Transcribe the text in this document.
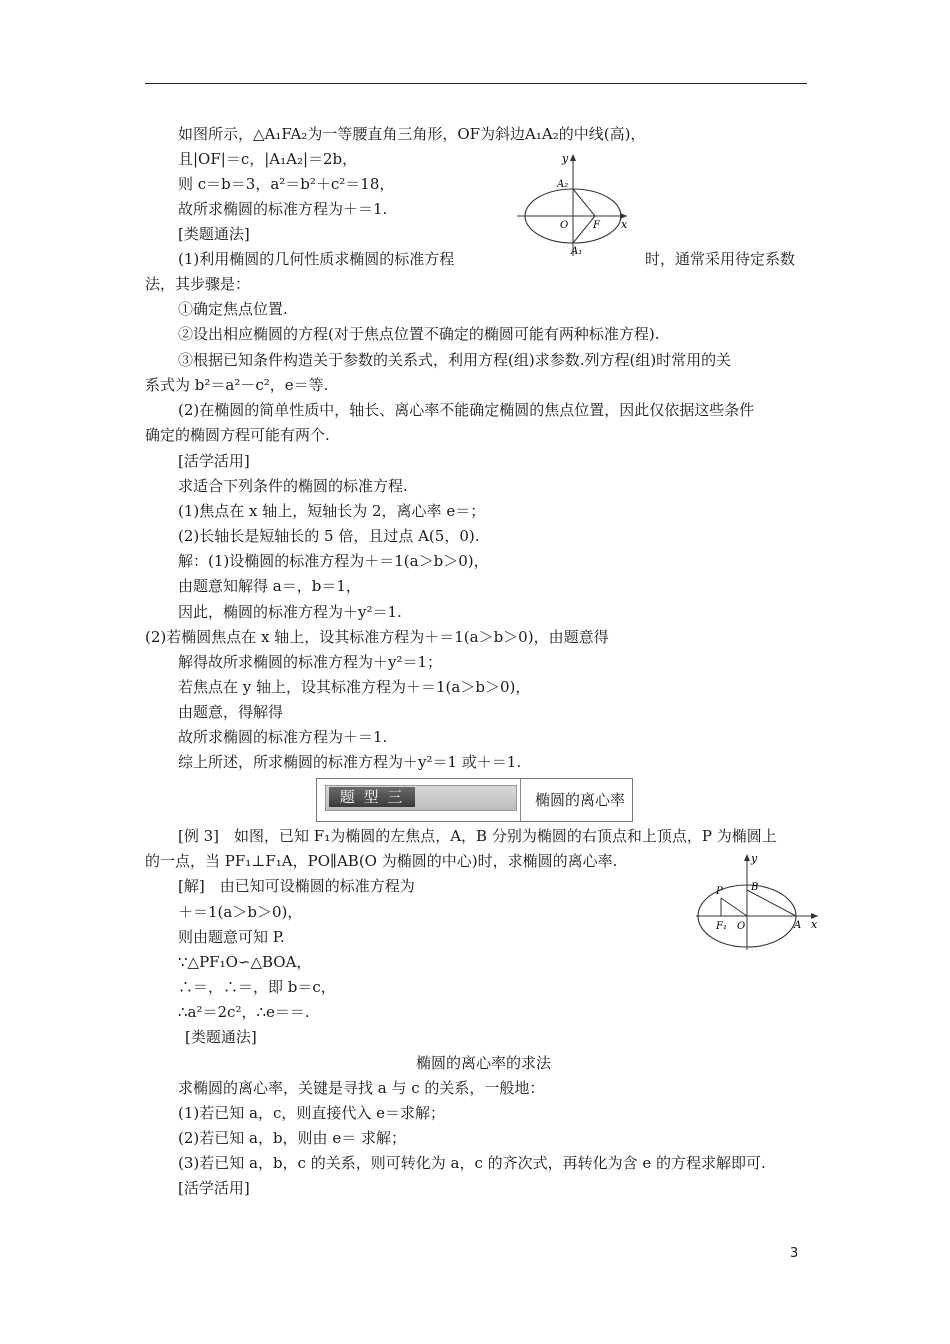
如图所示，△A₁FA₂为一等腰直角三角形，OF为斜边A₁A₂的中线(高)，
且|OF|＝c，|A₁A₂|＝2b，
则 c＝b＝3，a²＝b²＋c²＝18，
故所求椭圆的标准方程为＋＝1.
[类题通法]
(1)利用椭圆的几何性质求椭圆的标准方程	时，通常采用待定系数
法，其步骤是：
①确定焦点位置.
②设出相应椭圆的方程(对于焦点位置不确定的椭圆可能有两种标准方程).
③根据已知条件构造关于参数的关系式，利用方程(组)求参数.列方程(组)时常用的关
系式为 b²＝a²－c²，e＝等.
(2)在椭圆的简单性质中，轴长、离心率不能确定椭圆的焦点位置，因此仅依据这些条件
确定的椭圆方程可能有两个.
[活学活用]
求适合下列条件的椭圆的标准方程.
(1)焦点在 x 轴上，短轴长为 2，离心率 e＝；
(2)长轴长是短轴长的 5 倍，且过点 A(5，0).
解：(1)设椭圆的标准方程为＋＝1(a＞b＞0)，
由题意知解得 a＝，b＝1，
因此，椭圆的标准方程为＋y²＝1.
(2)若椭圆焦点在 x 轴上，设其标准方程为＋＝1(a＞b＞0)，由题意得
解得故所求椭圆的标准方程为＋y²＝1；
若焦点在 y 轴上，设其标准方程为＋＝1(a＞b＞0)，
由题意，得解得
故所求椭圆的标准方程为＋＝1.
综上所述，所求椭圆的标准方程为＋y²＝1 或＋＝1.
题 型 三	椭圆的离心率
[例 3]　如图，已知 F₁为椭圆的左焦点，A，B 分别为椭圆的右顶点和上顶点，P 为椭圆上
的一点，当 PF₁⊥F₁A，PO∥AB(O 为椭圆的中心)时，求椭圆的离心率.
[解]　由已知可设椭圆的标准方程为
＋＝1(a＞b＞0)，
则由题意可知 P.
∵△PF₁O∽△BOA，
∴＝，∴＝，即 b＝c，
∴a²＝2c²，∴e＝＝.
[类题通法]
椭圆的离心率的求法
求椭圆的离心率，关键是寻找 a 与 c 的关系，一般地：
(1)若已知 a，c，则直接代入 e＝求解；
(2)若已知 a，b，则由 e＝ 求解；
(3)若已知 a，b，c 的关系，则可转化为 a，c 的齐次式，再转化为含 e 的方程求解即可.
[活学活用]
y
x
A₂
O F
A₁
y
x
P	B
F₁ O	A
3
